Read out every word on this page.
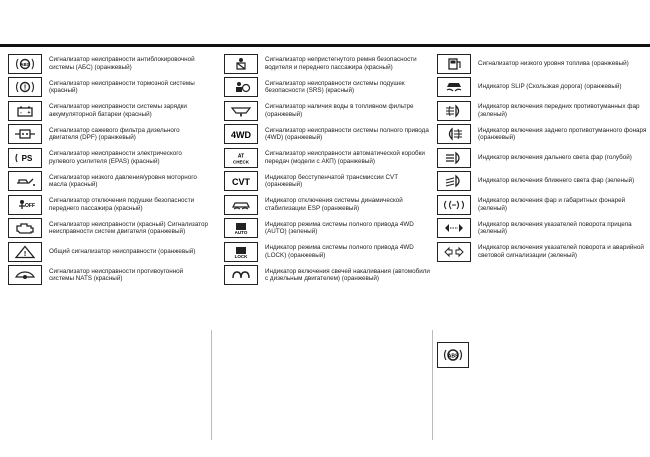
ABS
Сигнализатор неисправности антиблокировочной системы (АБС) (оранжевый)
!
Сигнализатор неисправности тормозной системы (красный)
- +
Сигнализатор неисправности системы зарядки аккумуляторной батареи (красный)
Сигнализатор сажевого фильтра дизельного двигателя (DPF) (оранжевый)
PS
Сигнализатор неисправности электрического рулевого усилителя (EPAS) (красный)
Сигнализатор низкого давления/уровня моторного масла (красный)
OFF
Сигнализатор отключения подушки безопасности переднего пассажира (красный)
Сигнализатор неисправности (красный) Сигнализатор неисправности систем двигателя (оранжевый)
!	Общий сигнализатор неисправности (оранжевый)
Сигнализатор неисправности противоугонной системы NATS (красный)
Сигнализатор непристегнутого ремня безопасности водителя и переднего пассажира (красный)
Сигнализатор неисправности системы подушек безопасности (SRS) (красный)
Сигнализатор наличия воды в топливном фильтре (оранжевый)
4WD
Сигнализатор неисправности системы полного привода (4WD) (оранжевый)
AT
CHECK
Сигнализатор неисправности автоматической коробки передач (модели с АКП) (оранжевый)
CVT
Индикатор бесступенчатой трансмиссии CVT (оранжевый)
Индикатор отключения системы динамической стабилизации ESP (оранжевый)
AUTO
Индикатор режима системы полного привода 4WD (AUTO) (зеленый)
LOCK
Индикатор режима системы полного привода 4WD (LOCK) (оранжевый)
Индикатор включения свечей накаливания (автомобили с дизельным двигателем) (оранжевый)
Сигнализатор низкого уровня топлива (оранжевый)
Индикатор SLIP (Скользкая дорога) (оранжевый)
Индикатор включения передних противотуманных фар (зеленый)
Индикатор включения заднего противотуманного фонаря (оранжевый)
Индикатор включения дальнего света фар (голубой)
Индикатор включения ближнего света фар (зеленый)
Индикатор включения фар и габаритных фонарей (зеленый)
Индикатор включения указателей поворота прицепа (зеленый)
Индикатор включения указателей поворота и аварийной световой сигнализации (зеленый)
ABS
